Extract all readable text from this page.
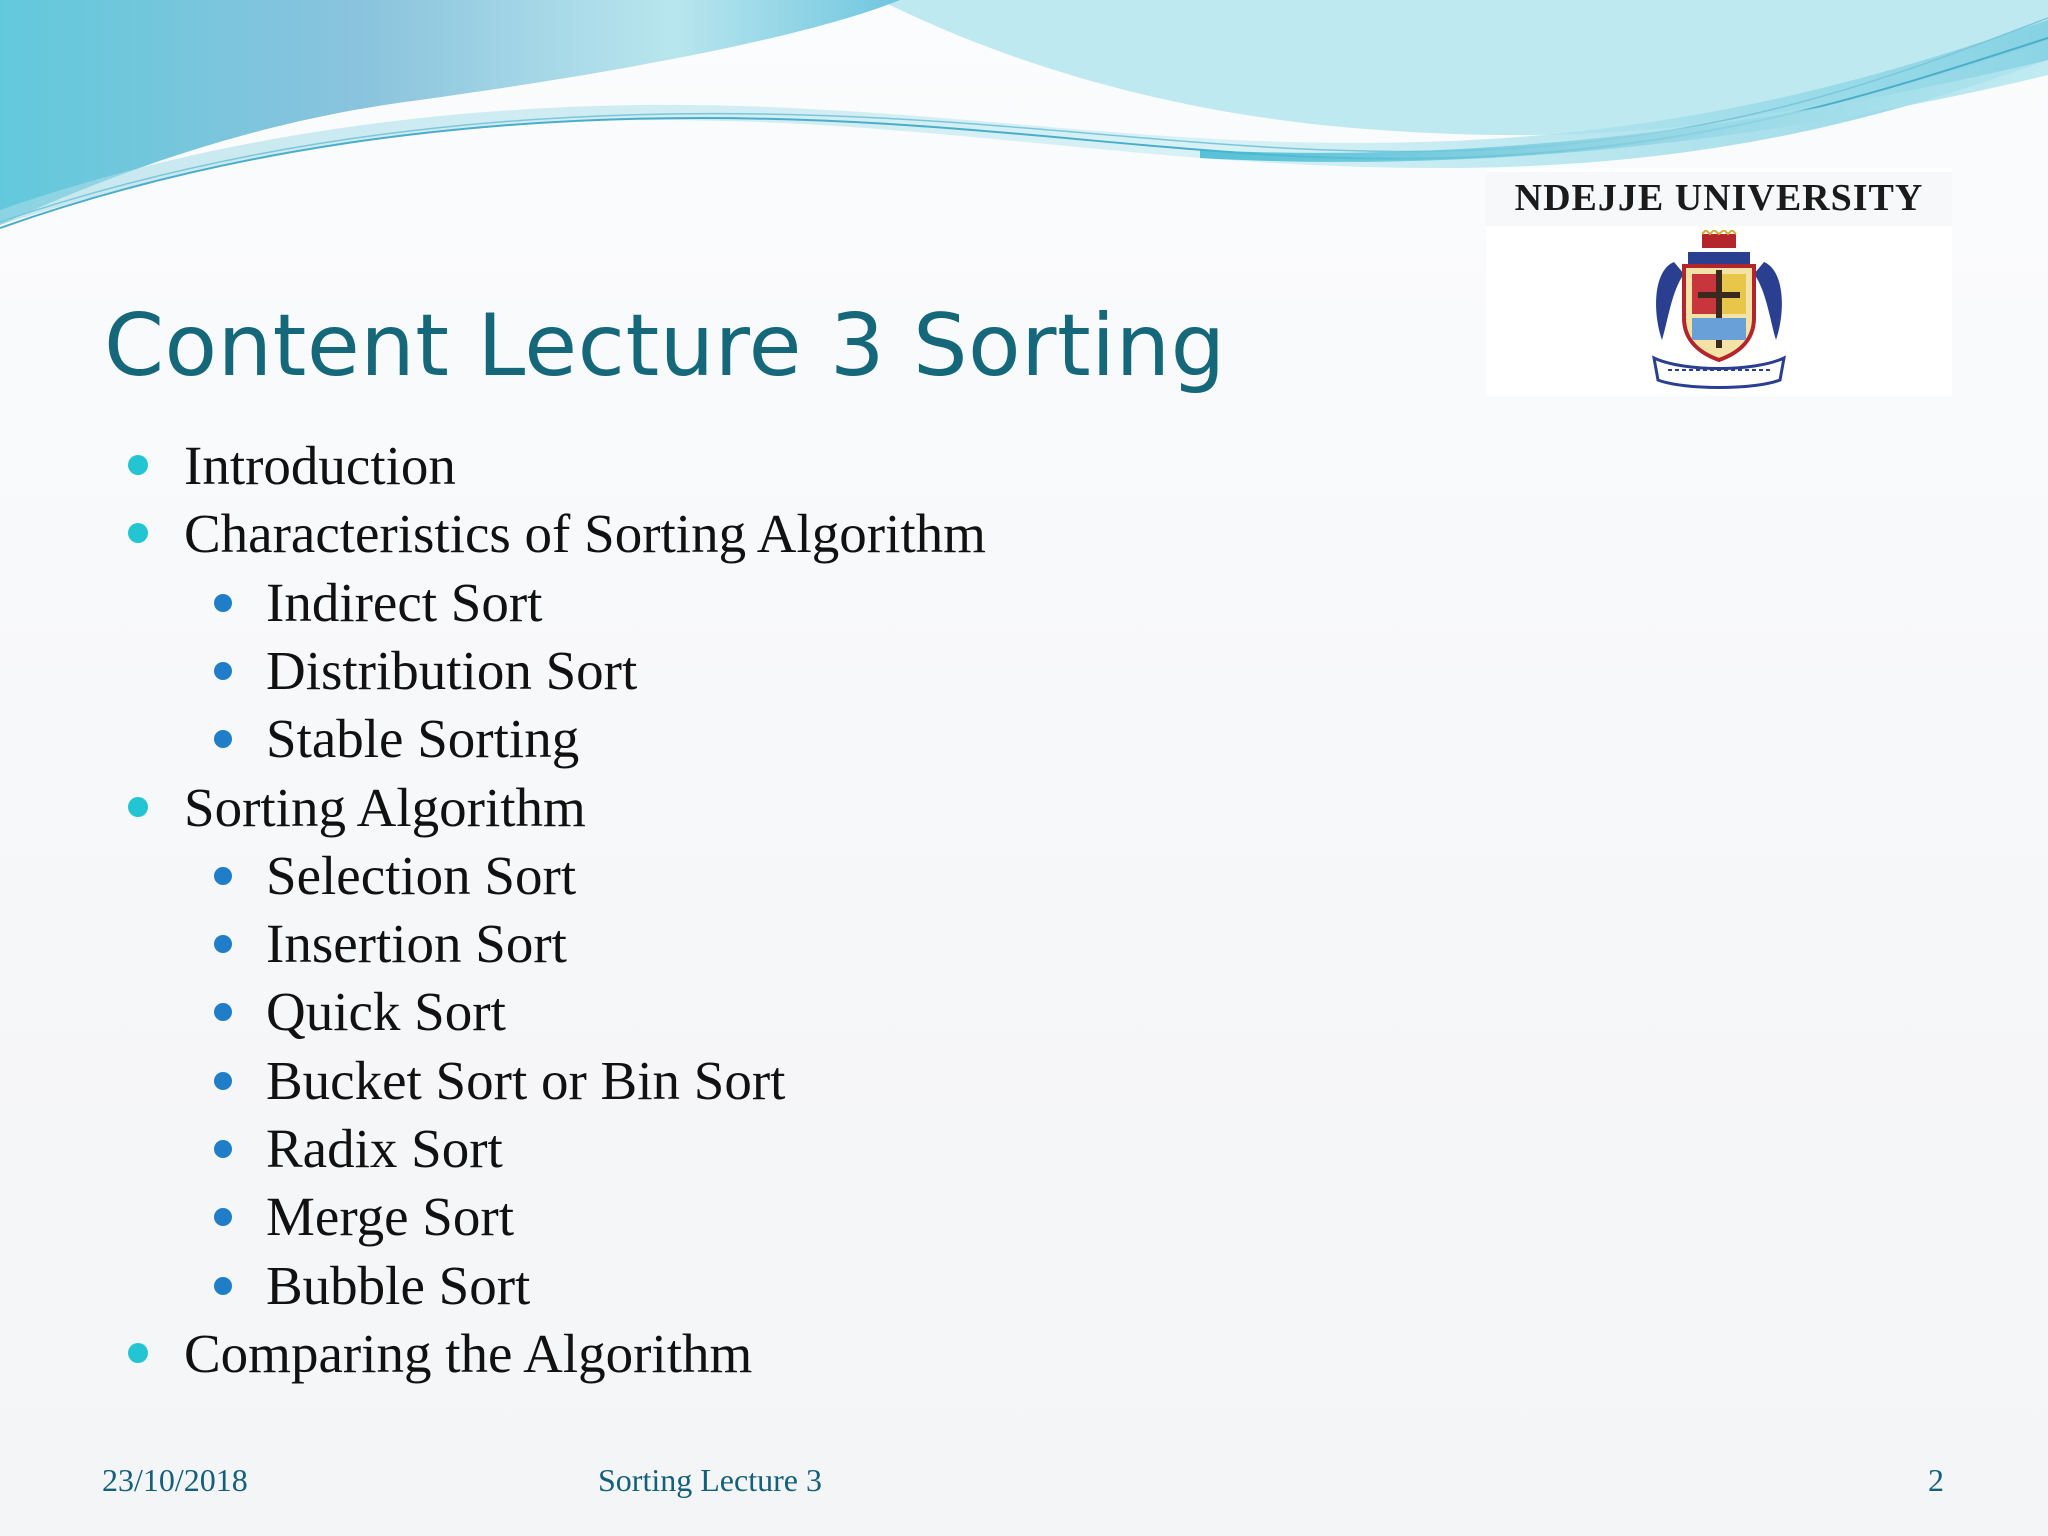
NDEJJE UNIVERSITY
Content Lecture 3 Sorting
Introduction
Characteristics of Sorting Algorithm
Indirect Sort
Distribution Sort
Stable Sorting
Sorting Algorithm
Selection Sort
Insertion Sort
Quick Sort
Bucket Sort or Bin Sort
Radix Sort
Merge Sort
Bubble Sort
Comparing the Algorithm
23/10/2018	Sorting Lecture 3	2
